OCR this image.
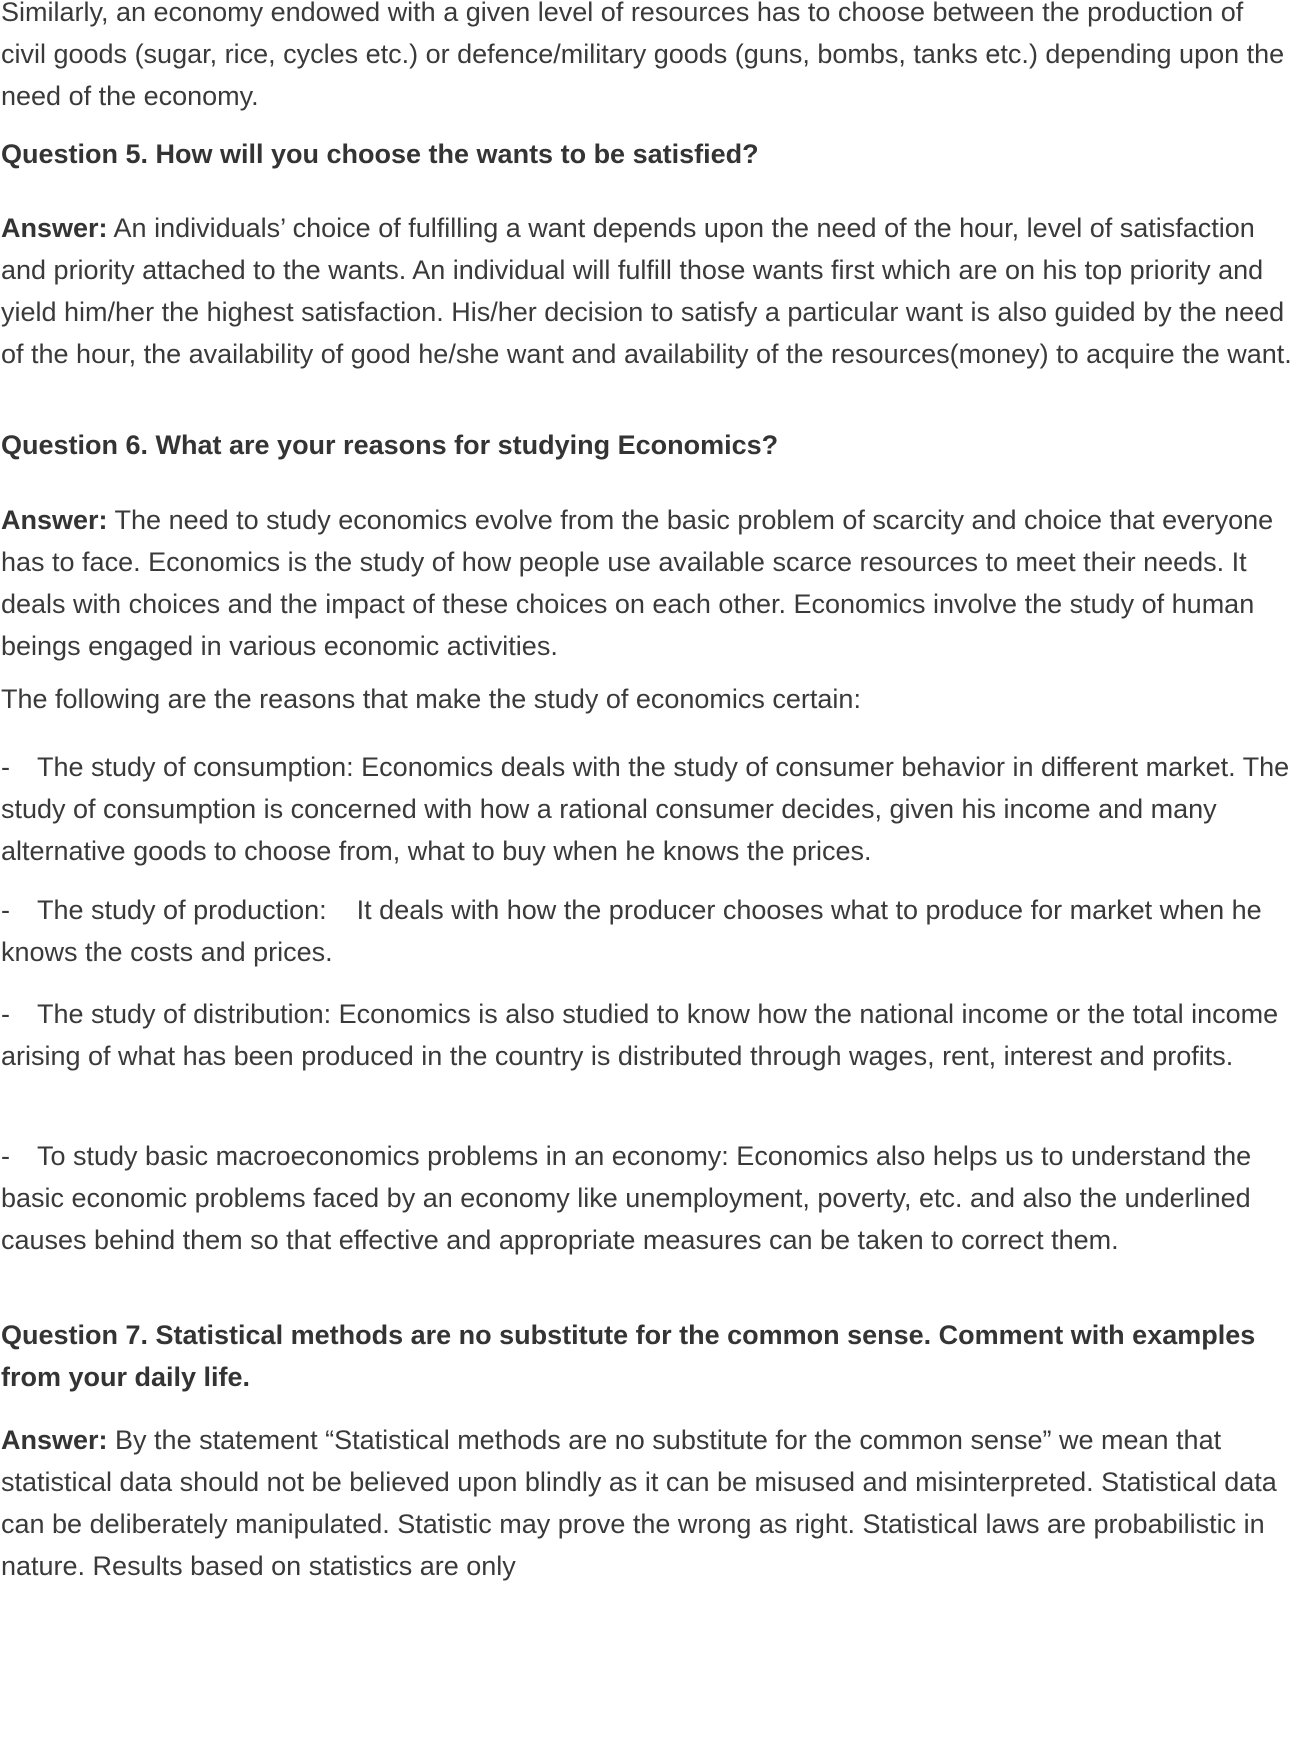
Similarly, an economy endowed with a given level of resources has to choose between the production of civil goods (sugar, rice, cycles etc.) or defence/military goods (guns, bombs, tanks etc.) depending upon the need of the economy.

Question 5. How will you choose the wants to be satisfied?

Answer: An individuals’ choice of fulfilling a want depends upon the need of the hour, level of satisfaction and priority attached to the wants. An individual will fulfill those wants first which are on his top priority and yield him/her the highest satisfaction. His/her decision to satisfy a particular want is also guided by the need of the hour, the availability of good he/she want and availability of the resources(money) to acquire the want.

Question 6. What are your reasons for studying Economics?

Answer: The need to study economics evolve from the basic problem of scarcity and choice that everyone has to face. Economics is the study of how people use available scarce resources to meet their needs. It deals with choices and the impact of these choices on each other. Economics involve the study of human beings engaged in various economic activities.

The following are the reasons that make the study of economics certain:

- The study of consumption: Economics deals with the study of consumer behavior in different market. The study of consumption is concerned with how a rational consumer decides, given his income and many alternative goods to choose from, what to buy when he knows the prices.

- The study of production:    It deals with how the producer chooses what to produce for market when he knows the costs and prices.

- The study of distribution: Economics is also studied to know how the national income or the total income arising of what has been produced in the country is distributed through wages, rent, interest and profits.

- To study basic macroeconomics problems in an economy: Economics also helps us to understand the basic economic problems faced by an economy like unemployment, poverty, etc. and also the underlined causes behind them so that effective and appropriate measures can be taken to correct them.

Question 7. Statistical methods are no substitute for the common sense. Comment with examples from your daily life.

Answer: By the statement “Statistical methods are no substitute for the common sense” we mean that statistical data should not be believed upon blindly as it can be misused and misinterpreted. Statistical data can be deliberately manipulated. Statistic may prove the wrong as right. Statistical laws are probabilistic in nature. Results based on statistics are only
